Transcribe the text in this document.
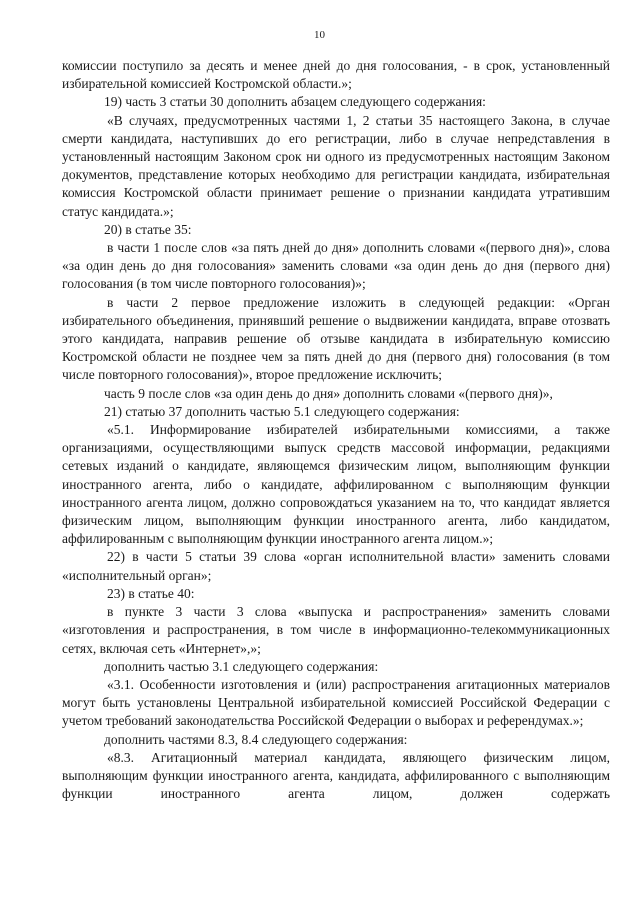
10

комиссии поступило за десять и менее дней до дня голосования, - в срок, установленный избирательной комиссией Костромской области.»;

19) часть 3 статьи 30 дополнить абзацем следующего содержания:

«В случаях, предусмотренных частями 1, 2 статьи 35 настоящего Закона, в случае смерти кандидата, наступивших до его регистрации, либо в случае непредставления в установленный настоящим Законом срок ни одного из предусмотренных настоящим Законом документов, представление которых необходимо для регистрации кандидата, избирательная комиссия Костромской области принимает решение о признании кандидата утратившим статус кандидата.»;

20) в статье 35:

в части 1 после слов «за пять дней до дня» дополнить словами «(первого дня)», слова «за один день до дня голосования» заменить словами «за один день до дня (первого дня) голосования (в том числе повторного голосования)»;

в части 2 первое предложение изложить в следующей редакции: «Орган избирательного объединения, принявший решение о выдвижении кандидата, вправе отозвать этого кандидата, направив решение об отзыве кандидата в избирательную комиссию Костромской области не позднее чем за пять дней до дня (первого дня) голосования (в том числе повторного голосования)», второе предложение исключить;

часть 9 после слов «за один день до дня» дополнить словами «(первого дня)»,

21) статью 37 дополнить частью 5.1 следующего содержания:

«5.1. Информирование избирателей избирательными комиссиями, а также организациями, осуществляющими выпуск средств массовой информации, редакциями сетевых изданий о кандидате, являющемся физическим лицом, выполняющим функции иностранного агента, либо о кандидате, аффилированном с выполняющим функции иностранного агента лицом, должно сопровождаться указанием на то, что кандидат является физическим лицом, выполняющим функции иностранного агента, либо кандидатом, аффилированным с выполняющим функции иностранного агента лицом.»;

22) в части 5 статьи 39 слова «орган исполнительной власти» заменить словами «исполнительный орган»;

23) в статье 40:

в пункте 3 части 3 слова «выпуска и распространения» заменить словами «изготовления и распространения, в том числе в информационно-телекоммуникационных сетях, включая сеть «Интернет»,»;

дополнить частью 3.1 следующего содержания:

«3.1. Особенности изготовления и (или) распространения агитационных материалов могут быть установлены Центральной избирательной комиссией Российской Федерации с учетом требований законодательства Российской Федерации о выборах и референдумах.»;

дополнить частями 8.3, 8.4 следующего содержания:

«8.3. Агитационный материал кандидата, являющего физическим лицом, выполняющим функции иностранного агента, кандидата, аффилированного с выполняющим функции иностранного агента лицом, должен содержать
